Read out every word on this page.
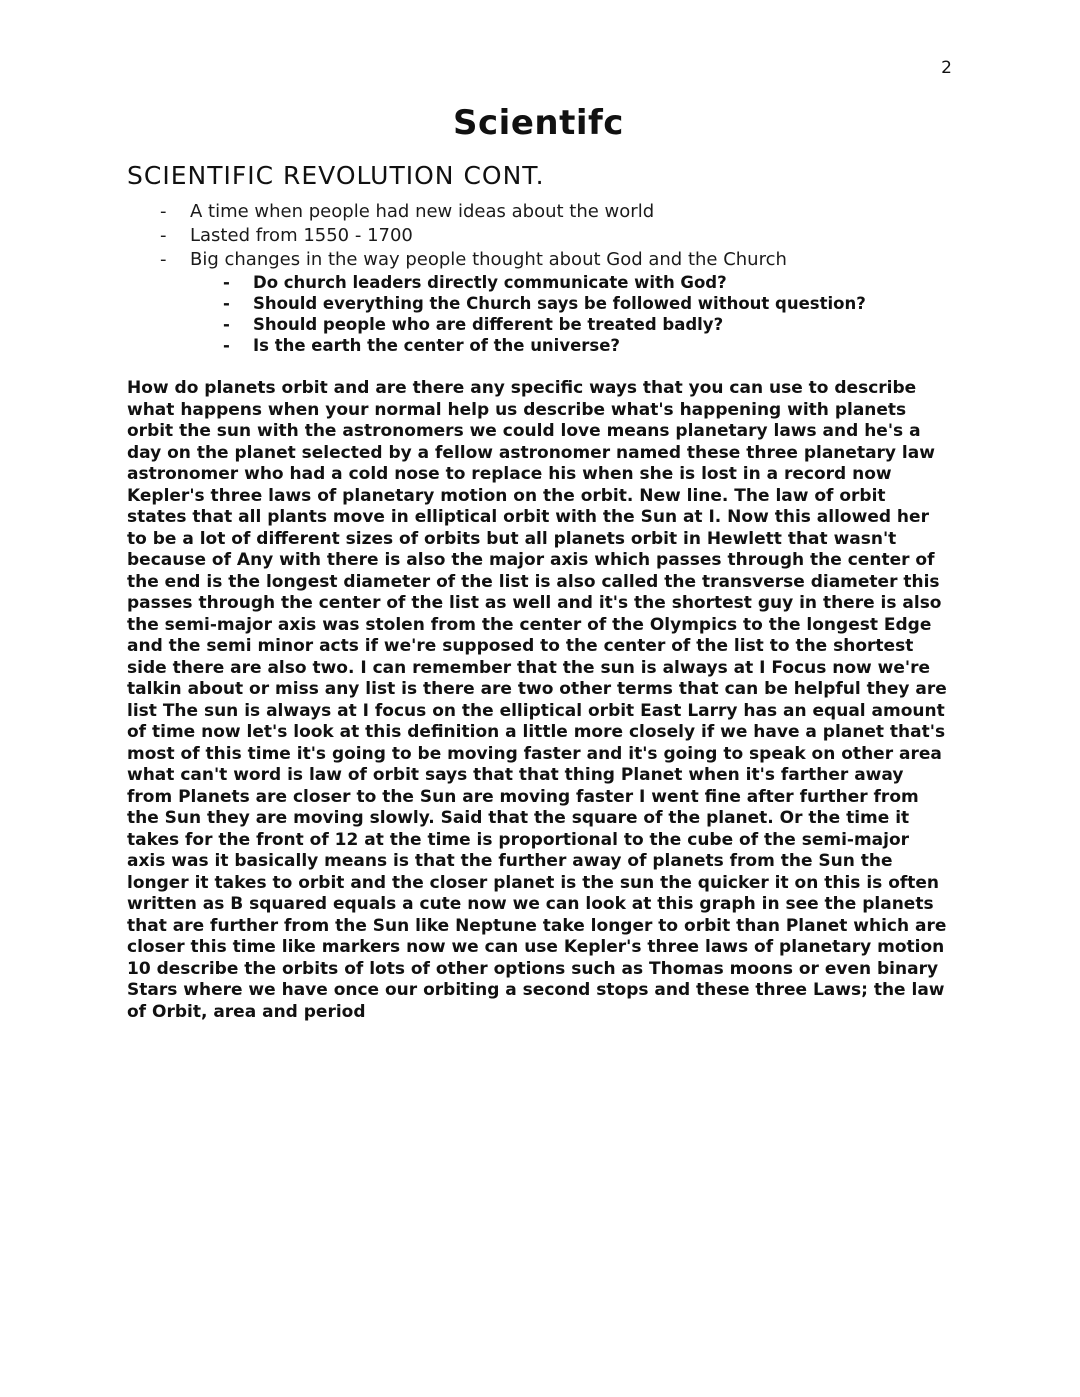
2
Scientifc
SCIENTIFIC REVOLUTION CONT.
-	A time when people had new ideas about the world
-	Lasted from 1550 - 1700
-	Big changes in the way people thought about God and the Church
-	Do church leaders directly communicate with God?
-	Should everything the Church says be followed without question?
-	Should people who are different be treated badly?
-	Is the earth the center of the universe?

How do planets orbit and are there any specific ways that you can use to describe what happens when your normal help us describe what's happening with planets orbit the sun with the astronomers we could love means planetary laws and he's a day on the planet selected by a fellow astronomer named these three planetary law astronomer who had a cold nose to replace his when she is lost in a record now Kepler's three laws of planetary motion on the orbit. New line. The law of orbit states that all plants move in elliptical orbit with the Sun at I. Now this allowed her to be a lot of different sizes of orbits but all planets orbit in Hewlett that wasn't because of Any with there is also the major axis which passes through the center of the end is the longest diameter of the list is also called the transverse diameter this passes through the center of the list as well and it's the shortest guy in there is also the semi-major axis was stolen from the center of the Olympics to the longest Edge and the semi minor acts if we're supposed to the center of the list to the shortest side there are also two. I can remember that the sun is always at I Focus now we're talkin about or miss any list is there are two other terms that can be helpful they are list The sun is always at I focus on the elliptical orbit East Larry has an equal amount of time now let's look at this definition a little more closely if we have a planet that's most of this time it's going to be moving faster and it's going to speak on other area what can't word is law of orbit says that that thing Planet when it's farther away from Planets are closer to the Sun are moving faster I went fine after further from the Sun they are moving slowly. Said that the square of the planet. Or the time it takes for the front of 12 at the time is proportional to the cube of the semi-major axis was it basically means is that the further away of planets from the Sun the longer it takes to orbit and the closer planet is the sun the quicker it on this is often written as B squared equals a cute now we can look at this graph in see the planets that are further from the Sun like Neptune take longer to orbit than Planet which are closer this time like markers now we can use Kepler's three laws of planetary motion 10 describe the orbits of lots of other options such as Thomas moons or even binary Stars where we have once our orbiting a second stops and these three Laws; the law of Orbit, area and period
